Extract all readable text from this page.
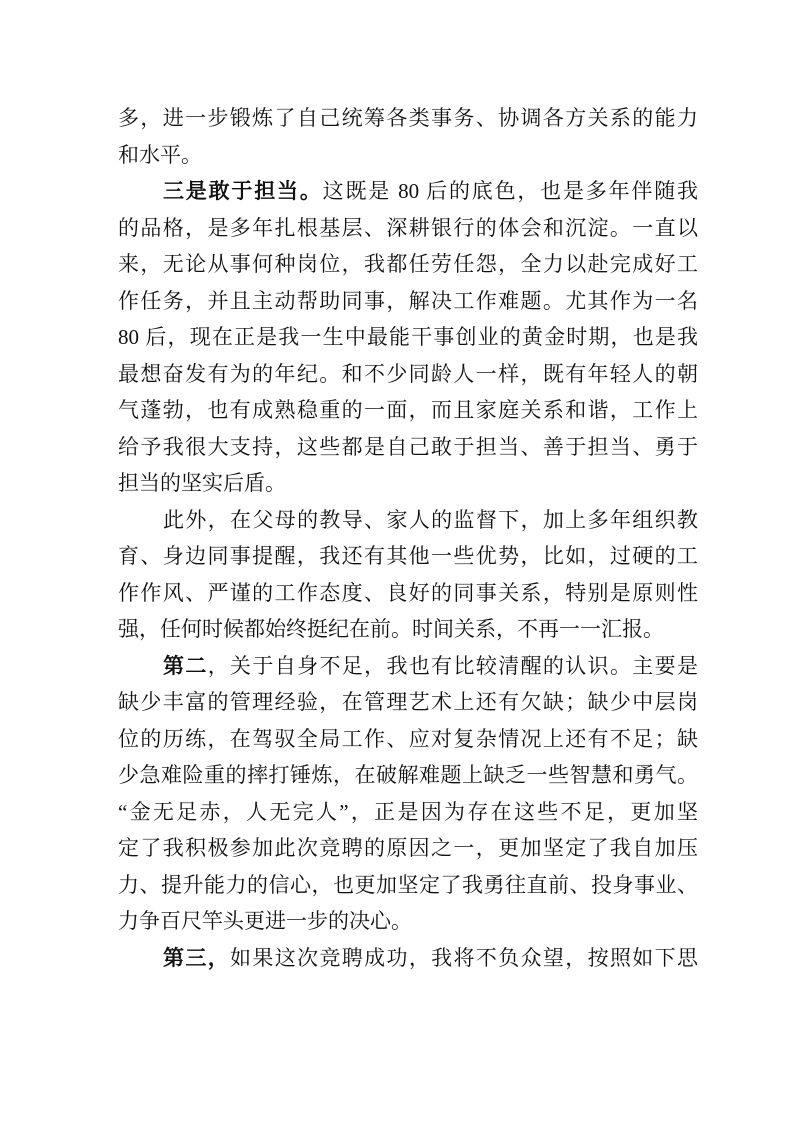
多，进一步锻炼了自己统筹各类事务、协调各方关系的能力
和水平。
三是敢于担当。这既是 80 后的底色，也是多年伴随我
的品格，是多年扎根基层、深耕银行的体会和沉淀。一直以
来，无论从事何种岗位，我都任劳任怨，全力以赴完成好工
作任务，并且主动帮助同事，解决工作难题。尤其作为一名
80 后，现在正是我一生中最能干事创业的黄金时期，也是我
最想奋发有为的年纪。和不少同龄人一样，既有年轻人的朝
气蓬勃，也有成熟稳重的一面，而且家庭关系和谐，工作上
给予我很大支持，这些都是自己敢于担当、善于担当、勇于
担当的坚实后盾。
此外，在父母的教导、家人的监督下，加上多年组织教
育、身边同事提醒，我还有其他一些优势，比如，过硬的工
作作风、严谨的工作态度、良好的同事关系，特别是原则性
强，任何时候都始终挺纪在前。时间关系，不再一一汇报。
第二，关于自身不足，我也有比较清醒的认识。主要是
缺少丰富的管理经验，在管理艺术上还有欠缺；缺少中层岗
位的历练，在驾驭全局工作、应对复杂情况上还有不足；缺
少急难险重的摔打锤炼，在破解难题上缺乏一些智慧和勇气。
“金无足赤，人无完人”，正是因为存在这些不足，更加坚
定了我积极参加此次竞聘的原因之一，更加坚定了我自加压
力、提升能力的信心，也更加坚定了我勇往直前、投身事业、
力争百尺竿头更进一步的决心。
第三，如果这次竞聘成功，我将不负众望，按照如下思
